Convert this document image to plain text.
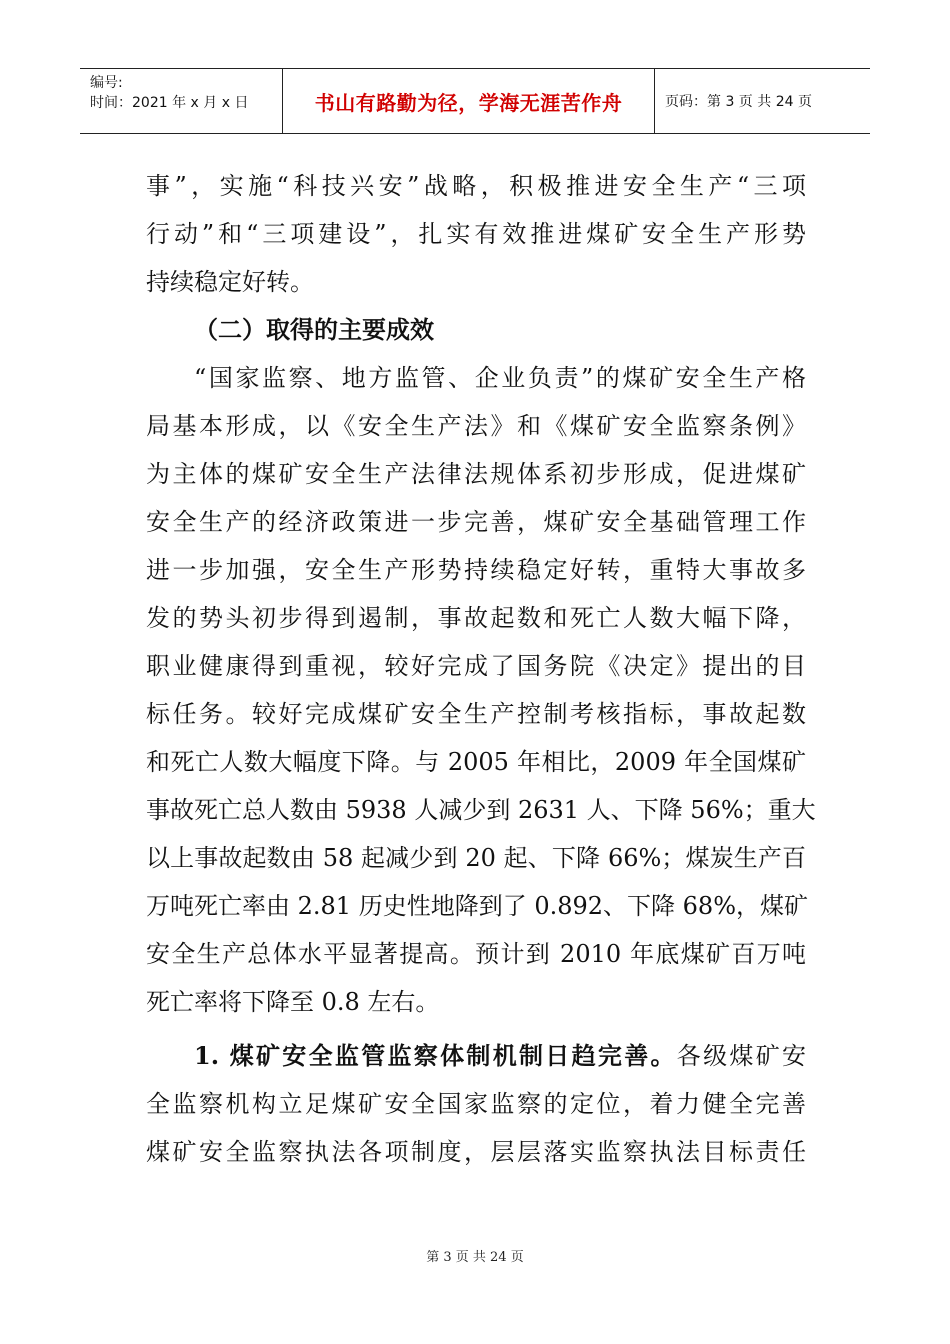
编号:
时间：2021 年 x 月 x 日	书山有路勤为径，学海无涯苦作舟	页码：第 3 页 共 24 页
事”，实施“科技兴安”战略，积极推进安全生产“三项
行动”和“三项建设”，扎实有效推进煤矿安全生产形势
持续稳定好转。
（二）取得的主要成效
“国家监察、地方监管、企业负责”的煤矿安全生产格
局基本形成，以《安全生产法》和《煤矿安全监察条例》
为主体的煤矿安全生产法律法规体系初步形成，促进煤矿
安全生产的经济政策进一步完善，煤矿安全基础管理工作
进一步加强，安全生产形势持续稳定好转，重特大事故多
发的势头初步得到遏制，事故起数和死亡人数大幅下降，
职业健康得到重视，较好完成了国务院《决定》提出的目
标任务。较好完成煤矿安全生产控制考核指标，事故起数
和死亡人数大幅度下降。与 2005 年相比，2009 年全国煤矿
事故死亡总人数由 5938 人减少到 2631 人、下降 56%；重大
以上事故起数由 58 起减少到 20 起、下降 66%；煤炭生产百
万吨死亡率由 2.81 历史性地降到了 0.892、下降 68%，煤矿
安全生产总体水平显著提高。预计到 2010 年底煤矿百万吨
死亡率将下降至 0.8 左右。
1. 煤矿安全监管监察体制机制日趋完善。各级煤矿安
全监察机构立足煤矿安全国家监察的定位，着力健全完善
煤矿安全监察执法各项制度，层层落实监察执法目标责任
第 3 页 共 24 页
